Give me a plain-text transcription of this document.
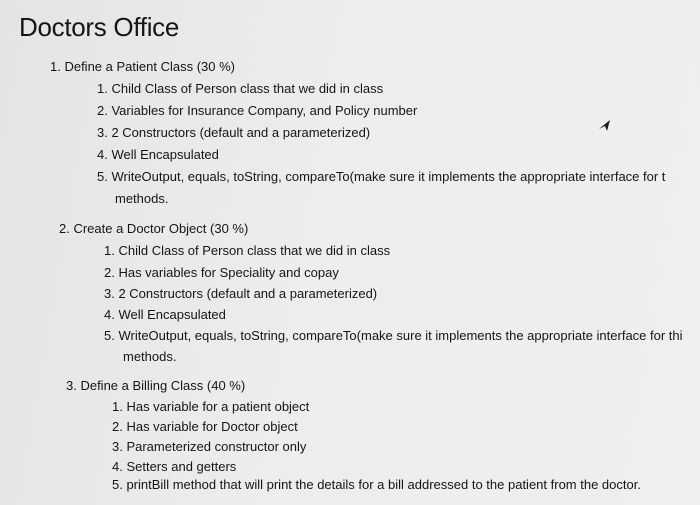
Doctors Office
1. Define a Patient Class (30 %)
1. Child Class of Person class that we did in class
2. Variables for Insurance Company, and Policy number
3. 2 Constructors (default and a parameterized)
4. Well Encapsulated
5. WriteOutput, equals, toString, compareTo(make sure it implements the appropriate interface for t
methods.
2. Create a Doctor Object (30 %)
1. Child Class of Person class that we did in class
2. Has variables for Speciality and copay
3. 2 Constructors (default and a parameterized)
4. Well Encapsulated
5. WriteOutput, equals, toString, compareTo(make sure it implements the appropriate interface for thi
methods.
3. Define a Billing Class (40 %)
1. Has variable for a patient object
2. Has variable for Doctor object
3. Parameterized constructor only
4. Setters and getters
5. printBill method that will print the details for a bill addressed to the patient from the doctor.
